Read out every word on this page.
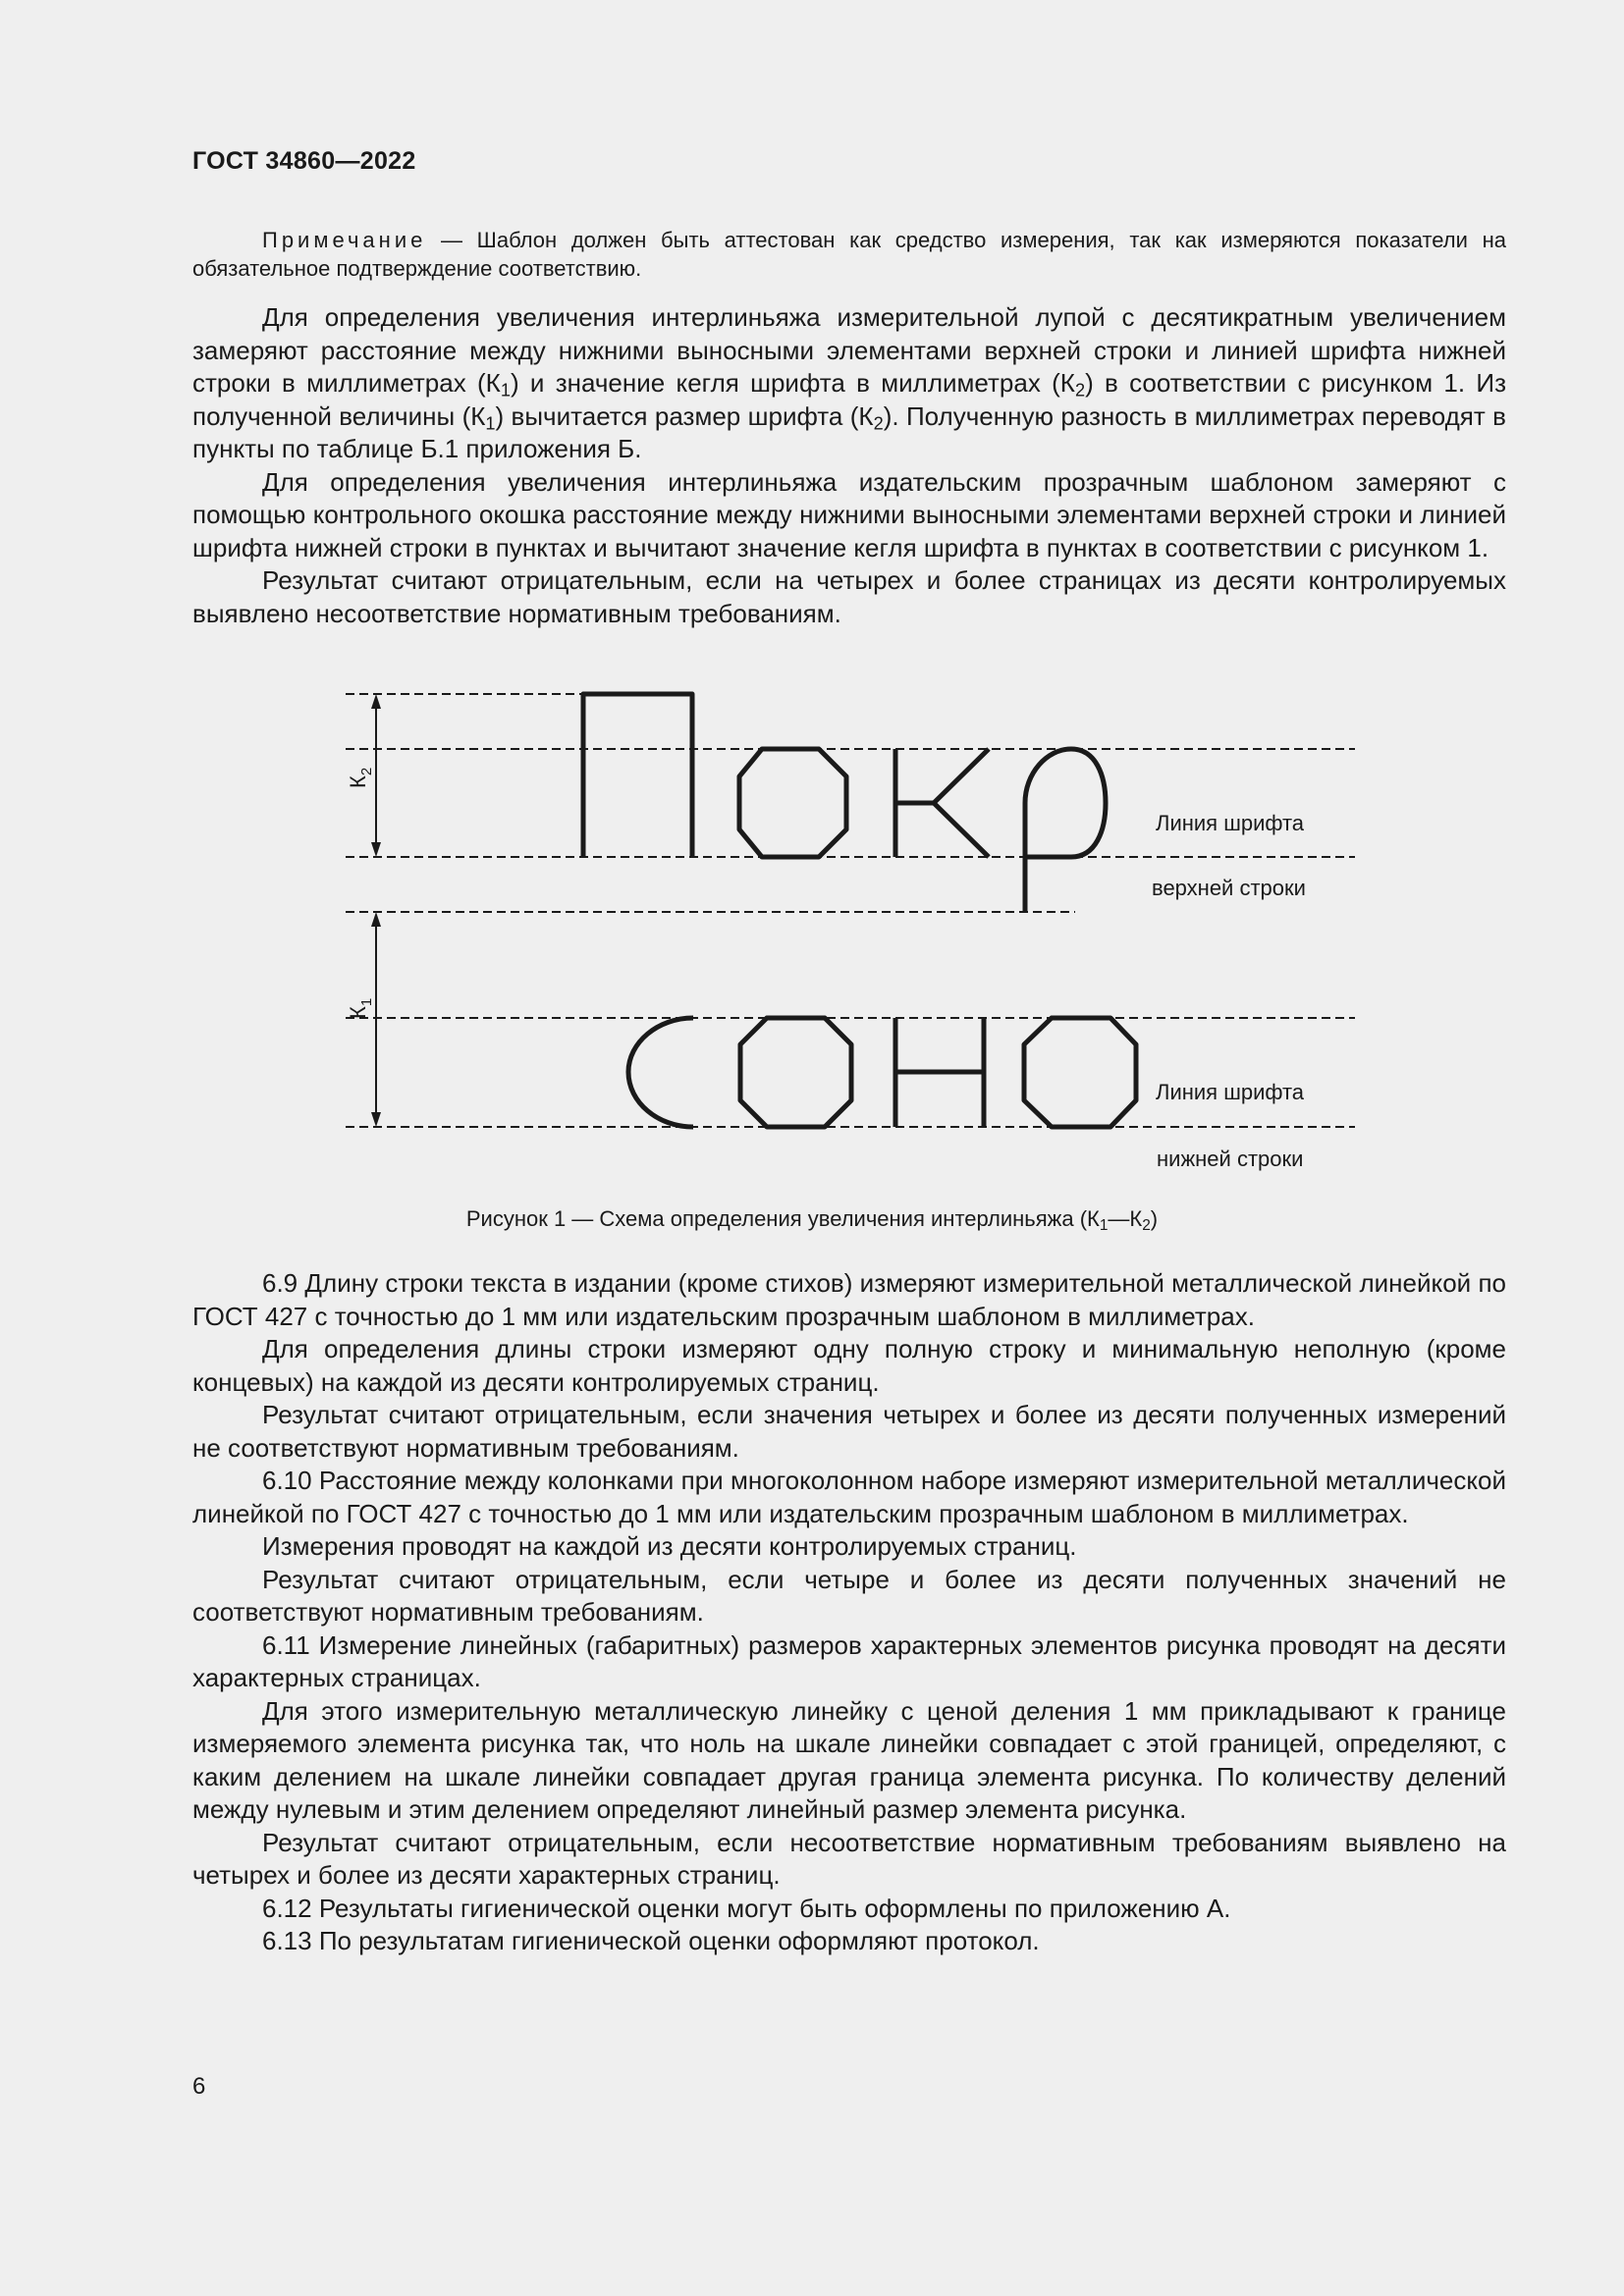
ГОСТ 34860—2022

Примечание — Шаблон должен быть аттестован как средство измерения, так как измеряются показатели на обязательное подтверждение соответствию.

Для определения увеличения интерлиньяжа измерительной лупой с десятикратным увеличением замеряют расстояние между нижними выносными элементами верхней строки и линией шрифта нижней строки в миллиметрах $(К_1)$ и значение кегля шрифта в миллиметрах $(К_2)$ в соответствии с рисунком 1. Из полученной величины $(К_1)$ вычитается размер шрифта $(К_2)$. Полученную разность в миллиметрах переводят в пункты по таблице Б.1 приложения Б.

Для определения увеличения интерлиньяжа издательским прозрачным шаблоном замеряют с помощью контрольного окошка расстояние между нижними выносными элементами верхней строки и линией шрифта нижней строки в пунктах и вычитают значение кегля шрифта в пунктах в соответствии с рисунком 1.

Результат считают отрицательным, если на четырех и более страницах из десяти контролируемых выявлено несоответствие нормативным требованиям.

$К_2$
$К_1$
Линия шрифта
верхней строки
Линия шрифта
нижней строки
Рисунок 1 — Схема определения увеличения интерлиньяжа $(К_1—К_2)$

6.9 Длину строки текста в издании (кроме стихов) измеряют измерительной металлической линейкой по ГОСТ 427 с точностью до 1 мм или издательским прозрачным шаблоном в миллиметрах.

Для определения длины строки измеряют одну полную строку и минимальную неполную (кроме концевых) на каждой из десяти контролируемых страниц.

Результат считают отрицательным, если значения четырех и более из десяти полученных измерений не соответствуют нормативным требованиям.

6.10 Расстояние между колонками при многоколонном наборе измеряют измерительной металлической линейкой по ГОСТ 427 с точностью до 1 мм или издательским прозрачным шаблоном в миллиметрах.

Измерения проводят на каждой из десяти контролируемых страниц.

Результат считают отрицательным, если четыре и более из десяти полученных значений не соответствуют нормативным требованиям.

6.11 Измерение линейных (габаритных) размеров характерных элементов рисунка проводят на десяти характерных страницах.

Для этого измерительную металлическую линейку с ценой деления 1 мм прикладывают к границе измеряемого элемента рисунка так, что ноль на шкале линейки совпадает с этой границей, определяют, с каким делением на шкале линейки совпадает другая граница элемента рисунка. По количеству делений между нулевым и этим делением определяют линейный размер элемента рисунка.

Результат считают отрицательным, если несоответствие нормативным требованиям выявлено на четырех и более из десяти характерных страниц.

6.12 Результаты гигиенической оценки могут быть оформлены по приложению А.

6.13 По результатам гигиенической оценки оформляют протокол.

6
